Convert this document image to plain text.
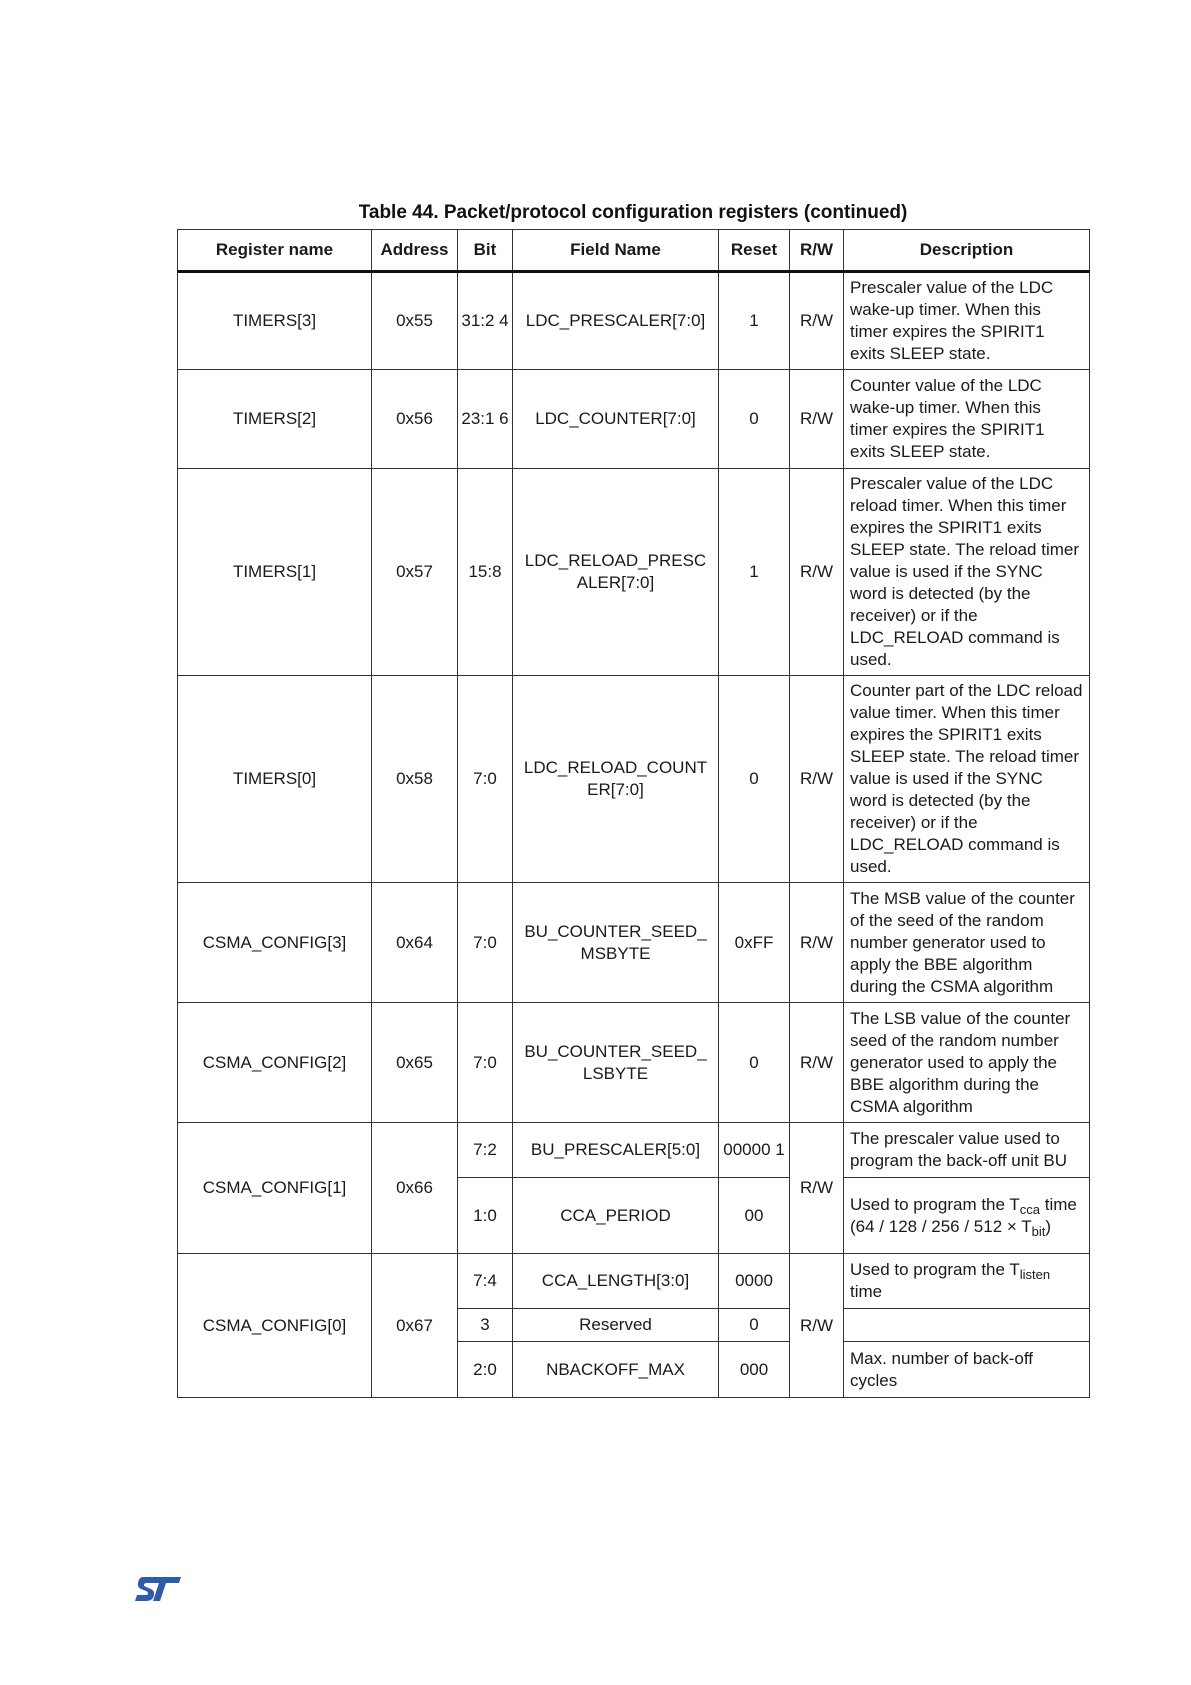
Table 44. Packet/protocol configuration registers (continued)
Register name	Address	Bit	Field Name	Reset	R/W	Description
TIMERS[3]	0x55	31:2 4	LDC_PRESCALER[7:0]	1	R/W	Prescaler value of the LDC wake-up timer. When this timer expires the SPIRIT1 exits SLEEP state.
TIMERS[2]	0x56	23:1 6	LDC_COUNTER[7:0]	0	R/W	Counter value of the LDC wake-up timer. When this timer expires the SPIRIT1 exits SLEEP state.
TIMERS[1]	0x57	15:8	LDC_RELOAD_PRESC ALER[7:0]	1	R/W	Prescaler value of the LDC reload timer. When this timer expires the SPIRIT1 exits SLEEP state. The reload timer value is used if the SYNC word is detected (by the receiver) or if the LDC_RELOAD command is used.
TIMERS[0]	0x58	7:0	LDC_RELOAD_COUNT ER[7:0]	0	R/W	Counter part of the LDC reload value timer. When this timer expires the SPIRIT1 exits SLEEP state. The reload timer value is used if the SYNC word is detected (by the receiver) or if the LDC_RELOAD command is used.
CSMA_CONFIG[3]	0x64	7:0	BU_COUNTER_SEED_ MSBYTE	0xFF	R/W	The MSB value of the counter of the seed of the random number generator used to apply the BBE algorithm during the CSMA algorithm
CSMA_CONFIG[2]	0x65	7:0	BU_COUNTER_SEED_ LSBYTE	0	R/W	The LSB value of the counter seed of the random number generator used to apply the BBE algorithm during the CSMA algorithm
CSMA_CONFIG[1]	0x66	7:2	BU_PRESCALER[5:0]	00000 1	R/W	The prescaler value used to program the back-off unit BU
		1:0	CCA_PERIOD	00		Used to program the $T_{cca}$ time $(64 / 128 / 256 / 512 \times T_{bit})$
CSMA_CONFIG[0]	0x67	7:4	CCA_LENGTH[3:0]	0000	R/W	Used to program the $T_{listen}$ time
		3	Reserved	0		
		2:0	NBACKOFF_MAX	000		Max. number of back-off cycles
